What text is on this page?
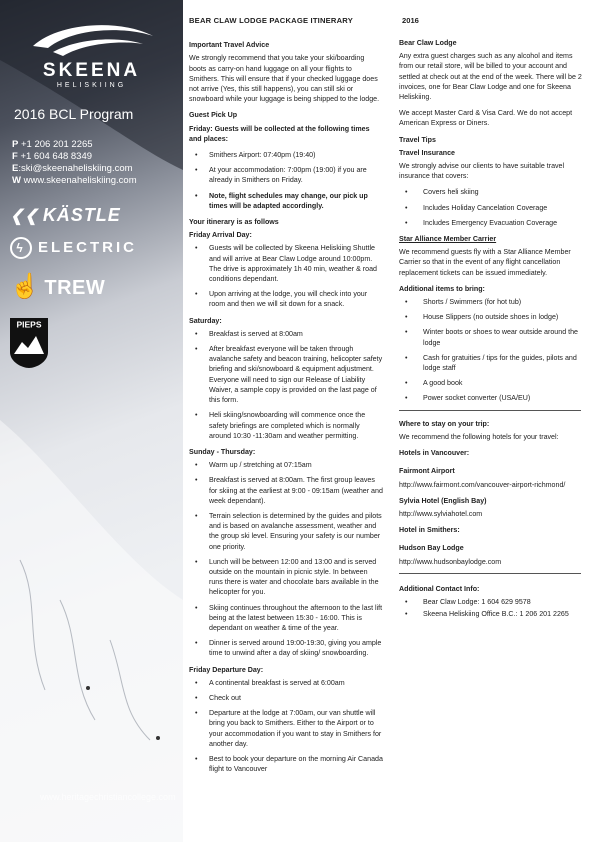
SKEENA
HELISKIING
2016 BCL Program
P +1 206 201 2265
F +1 604 648 8349
E:ski@skeenaheliskiing.com
W www.skeenaheliskiing.com
❮❮ KÄSTLE
ϟ ELECTRIC
☝ TREW
PIEPS
www.heritagechristiancollege.com
2016
BEAR CLAW LODGE PACKAGE ITINERARY
Important Travel Advice
We strongly recommend that you take your ski/boarding boots as carry-on hand luggage on all your flights to Smithers. This will ensure that if your checked luggage does not arrive (Yes, this still happens), you can still ski or snowboard while your luggage is being shipped to the lodge.
Guest Pick Up
Friday: Guests will be collected at the following times and places:
• Smithers Airport: 07:40pm (19:40)
• At your accommodation: 7:00pm (19:00) if you are already in Smithers on Friday.
• Note, flight schedules may change, our pick up times will be adapted accordingly.
Your itinerary is as follows
Friday Arrival Day:
• Guests will be collected by Skeena Heliskiing Shuttle and will arrive at Bear Claw Lodge around 10:00pm. The drive is approximately 1h 40 min, weather & road conditions dependant.
• Upon arriving at the lodge, you will check into your room and then we will sit down for a snack.
Saturday:
• Breakfast is served at 8:00am
• After breakfast everyone will be taken through avalanche safety and beacon training, helicopter safety briefing and ski/snowboard & equipment adjustment. Everyone will need to sign our Release of Liability Waiver, a sample copy is provided on the last page of this form.
• Heli skiing/snowboarding will commence once the safety briefings are completed which is normally around 10:30 -11:30am and weather permitting.
Sunday - Thursday:
• Warm up / stretching at 07:15am
• Breakfast is served at 8:00am. The first group leaves for skiing at the earliest at 9:00 - 09:15am (weather and week dependant).
• Terrain selection is determined by the guides and pilots and is based on avalanche assessment, weather and the group ski level. Ensuring your safety is our number one priority.
• Lunch will be between 12:00 and 13:00 and is served outside on the mountain in picnic style. In between runs there is water and chocolate bars available in the helicopter for you.
• Skiing continues throughout the afternoon to the last lift being at the latest between 15:30 - 16:00. This is dependant on weather & time of the year.
• Dinner is served around 19:00-19:30, giving you ample time to unwind after a day of skiing/ snowboarding.
Friday Departure Day:
• A continental breakfast is served at 6:00am
• Check out
• Departure at the lodge at 7:00am, our van shuttle will bring you back to Smithers. Either to the Airport or to your accommodation if you want to stay in Smithers for another day.
• Best to book your departure on the morning Air Canada flight to Vancouver
Bear Claw Lodge
Any extra guest charges such as any alcohol and items from our retail store, will be billed to your account and settled at check out at the end of the week. There will be 2 invoices, one for Bear Claw Lodge and one for Skeena Heliskiing.
We accept Master Card & Visa Card. We do not accept American Express or Diners.
Travel Tips
Travel Insurance
We strongly advise our clients to have suitable travel insurance that covers:
• Covers heli skiing
• Includes Holiday Cancelation Coverage
• Includes Emergency Evacuation Coverage
Star Alliance Member Carrier
We recommend guests fly with a Star Alliance Member Carrier so that in the event of any flight cancellation replacement tickets can be issued immediately.
Additional items to bring:
• Shorts / Swimmers (for hot tub)
• House Slippers (no outside shoes in lodge)
• Winter boots or shoes to wear outside around the lodge
• Cash for gratuities / tips for the guides, pilots and lodge staff
• A good book
• Power socket converter (USA/EU)
Where to stay on your trip:
We recommend the following hotels for your travel:
Hotels in Vancouver:
Fairmont Airport
http://www.fairmont.com/vancouver-airport-richmond/
Sylvia Hotel (English Bay)
http://www.sylviahotel.com
Hotel in Smithers:
Hudson Bay Lodge
http://www.hudsonbaylodge.com
Additional Contact Info:
• Bear Claw Lodge: 1 604 629 9578
• Skeena Heliskiing Office B.C.: 1 206 201 2265
